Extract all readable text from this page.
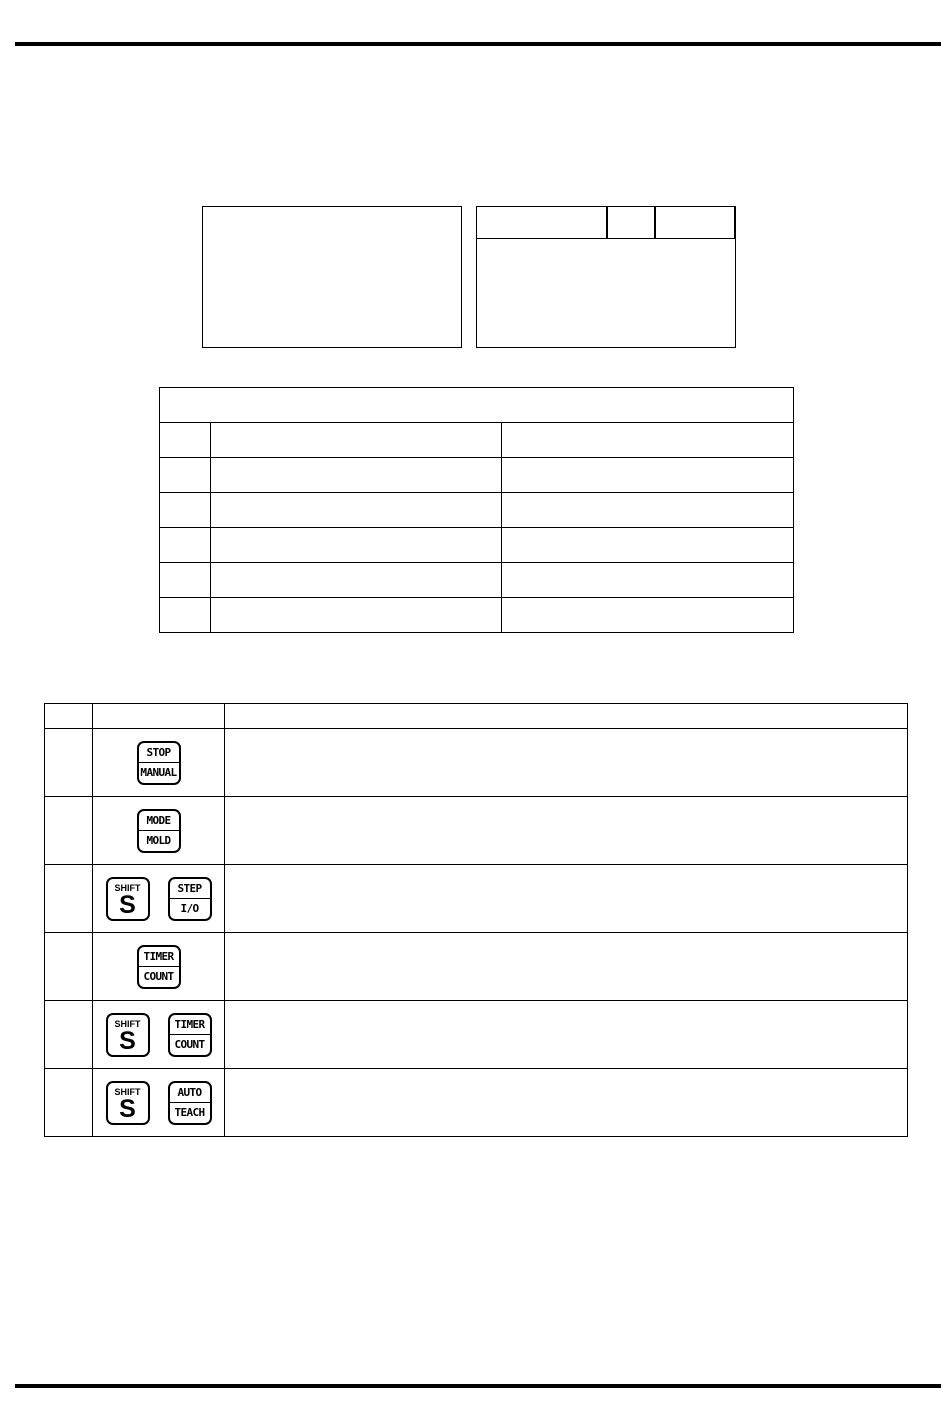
STOP
MANUAL	

MODE
MOLD	

	SHIFT
S
STEP
I/O	

TIMER
COUNT	

	SHIFT
S
TIMER
COUNT	

	SHIFT
S
AUTO
TEACH	
